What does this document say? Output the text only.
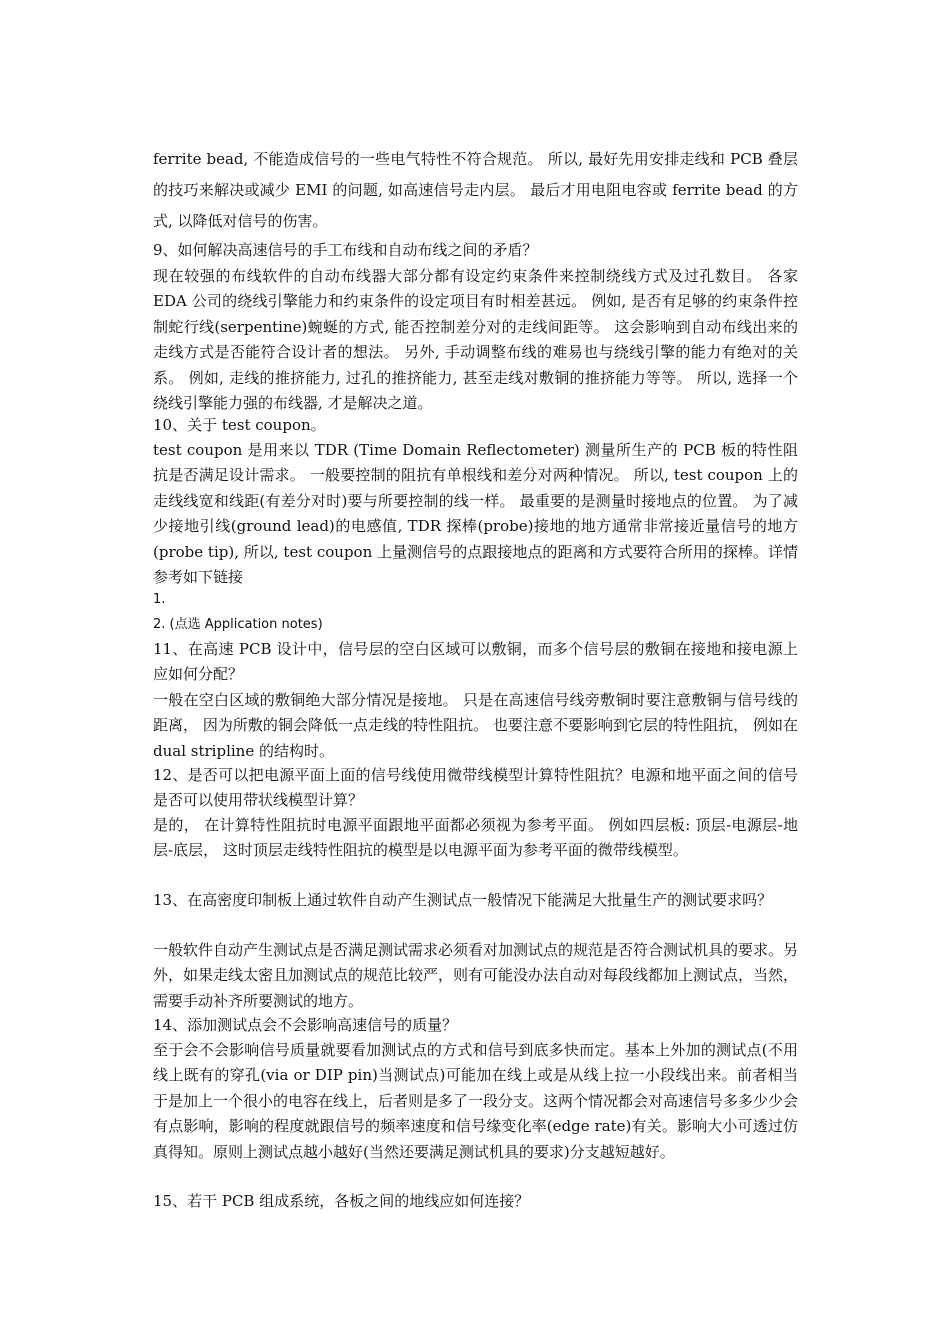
ferrite bead, 不能造成信号的一些电气特性不符合规范。 所以, 最好先用安排走线和 PCB 叠层的技巧来解决或减少 EMI 的问题, 如高速信号走内层。 最后才用电阻电容或 ferrite bead 的方式, 以降低对信号的伤害。

9、如何解决高速信号的手工布线和自动布线之间的矛盾？

现在较强的布线软件的自动布线器大部分都有设定约束条件来控制绕线方式及过孔数目。 各家 EDA 公司的绕线引擎能力和约束条件的设定项目有时相差甚远。 例如, 是否有足够的约束条件控制蛇行线(serpentine)蜿蜒的方式, 能否控制差分对的走线间距等。 这会影响到自动布线出来的走线方式是否能符合设计者的想法。 另外, 手动调整布线的难易也与绕线引擎的能力有绝对的关系。 例如, 走线的推挤能力, 过孔的推挤能力, 甚至走线对敷铜的推挤能力等等。 所以, 选择一个绕线引擎能力强的布线器, 才是解决之道。

10、关于 test coupon。

test coupon 是用来以 TDR (Time Domain Reflectometer) 测量所生产的 PCB 板的特性阻抗是否满足设计需求。 一般要控制的阻抗有单根线和差分对两种情况。 所以, test coupon 上的走线线宽和线距(有差分对时)要与所要控制的线一样。 最重要的是测量时接地点的位置。 为了减少接地引线(ground lead)的电感值, TDR 探棒(probe)接地的地方通常非常接近量信号的地方(probe tip), 所以, test coupon 上量测信号的点跟接地点的距离和方式要符合所用的探棒。详情参考如下链接

1.

2. (点选 Application notes)

11、在高速 PCB 设计中，信号层的空白区域可以敷铜，而多个信号层的敷铜在接地和接电源上应如何分配？

一般在空白区域的敷铜绝大部分情况是接地。 只是在高速信号线旁敷铜时要注意敷铜与信号线的距离， 因为所敷的铜会降低一点走线的特性阻抗。 也要注意不要影响到它层的特性阻抗， 例如在 dual stripline 的结构时。

12、是否可以把电源平面上面的信号线使用微带线模型计算特性阻抗？电源和地平面之间的信号是否可以使用带状线模型计算？

是的， 在计算特性阻抗时电源平面跟地平面都必须视为参考平面。 例如四层板: 顶层-电源层-地层-底层， 这时顶层走线特性阻抗的模型是以电源平面为参考平面的微带线模型。

13、在高密度印制板上通过软件自动产生测试点一般情况下能满足大批量生产的测试要求吗？

一般软件自动产生测试点是否满足测试需求必须看对加测试点的规范是否符合测试机具的要求。另外，如果走线太密且加测试点的规范比较严，则有可能没办法自动对每段线都加上测试点，当然，需要手动补齐所要测试的地方。

14、添加测试点会不会影响高速信号的质量？

至于会不会影响信号质量就要看加测试点的方式和信号到底多快而定。基本上外加的测试点(不用线上既有的穿孔(via or DIP pin)当测试点)可能加在线上或是从线上拉一小段线出来。前者相当于是加上一个很小的电容在线上，后者则是多了一段分支。这两个情况都会对高速信号多多少少会有点影响，影响的程度就跟信号的频率速度和信号缘变化率(edge rate)有关。影响大小可透过仿真得知。原则上测试点越小越好(当然还要满足测试机具的要求)分支越短越好。

15、若干 PCB 组成系统，各板之间的地线应如何连接？
